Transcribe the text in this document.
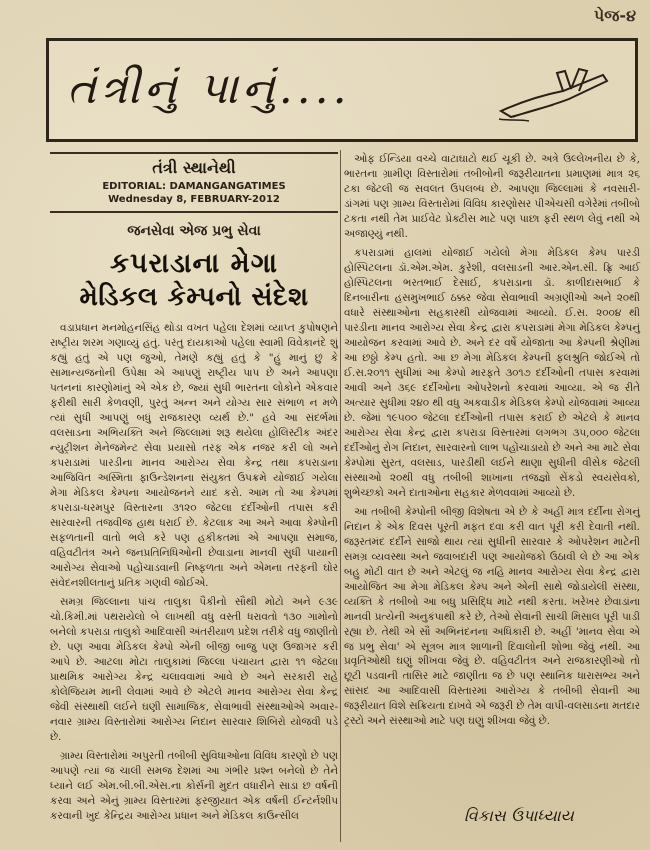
પેજ-૪
તંત્રીનું પાનું....
તંત્રી સ્થાનેથી
EDITORIAL: DAMANGANGATIMES
Wednesday 8, FEBRUARY-2012
જનસેવા એજ પ્રભુ સેવા
કપરાડાના મેગા
મેડિકલ કેમ્પનો સંદેશ

વડાપ્રધાન મનમોહનસિંહ થોડા વખત પહેલા દેશમાં વ્યાપ્ત કુપોષણને રાષ્ટ્રીય શરમ ગણાવ્યું હતું. પરંતુ દાયકાઓ પહેલા સ્વામી વિવેકાનંદે શું કહ્યું હતું એ પણ જુઓ, તેમણે કહ્યું હતું કે "હું માનું છું કે સામાન્યજનોની ઉપેક્ષા એ આપણું રાષ્ટ્રીય પાપ છે અને આપણા પતનનાં કારણોમાંનું એ એક છે, જ્યાં સુધી ભારતના લોકોને એકવાર ફરીથી સારી કેળવણી, પુરતું અન્ન અને યોગ્ય સાર સંભાળ ન મળે ત્યાં સુધી આપણું બધું રાજકારણ વ્યર્થ છે." હવે આ સંદર્ભમાં વલસાડના અભિયક્તિ અને જિલ્લામાં શરૂ થયેલા હોલિસ્ટીક અંદર ન્યુટ્રીશન મેનેજમેન્ટ સેવા પ્રયાસો તરફ એક નજર કરી લો અને કપરાડામાં પારડીના માનવ આરોગ્ય સેવા કેન્દ્ર તથા કપરાડાના આજિવિત અસ્મિતા ફાઉન્ડેશનના સંયુક્ત ઉપક્રમે યોજાઈ ગયેલા મેગા મેડિકલ કેમ્પના આયોજનને યાદ કરો. આમ તો આ કેમ્પમાં કપરાડા-ધરમપુર વિસ્તારના ૩૧૨૦ જેટલા દર્દીઓની તપાસ કરી સારવારની તજવીજ હાથ ધરાઈ છે. કેટલાક આ અને આવા કેમ્પોની સફળતાની વાતો ભલે કરે પણ હકીકતમાં એ આપણા સમાજ, વહિવટીતંત્ર અને જનપ્રતિનિધિઓની છેવાડાના માનવી સુધી પાયાની આરોગ્ય સેવાઓ પહોંચાડવાની નિષ્ફળતા અને એમના તરફની ઘોર સંવેદનશીલતાનું પ્રતિક ગણવી જોઈએ.

સમગ્ર જિલ્લાના પાંચ તાલુકા પૈકીનો સૌથી મોટો અને ૯૩૯ ચો.કિમી.માં પથરાયેલો બે લાખથી વધુ વસ્તી ધરાવતો ૧૩૦ ગામોનો બનેલો કપરાડા તાલુકો આદિવાસી અંતરીયાળ પ્રદેશ તરીકે વધુ જાણીતો છે. પણ આવા મેડિકલ કેમ્પો એની બીજી બાજુ પણ ઉજાગર કરી આપે છે. આટલા મોટા તાલુકામાં જિલ્લા પંચાયત દ્વારા ૧૧ જેટલા પ્રાથમિક આરોગ્ય કેન્દ્ર ચલાવવામાં આવે છે અને સરકારી રાહે કોલેજિયમ માની લેવામાં આવે છે એટલે માનવ આરોગ્ય સેવા કેન્દ્ર જેવી સંસ્થાથી લઈને ઘણી સામાજિક, સેવાભાવી સંસ્થાઓએ અવાર-નવાર ગ્રામ્ય વિસ્તારોમાં આરોગ્ય નિદાન સારવાર શિબિરો યોજવી પડે છે.

ગ્રામ્ય વિસ્તારોમાં અપુરતી તબીબી સુવિધાઓના વિવિધ કારણો છે પણ આપણે ત્યાં જ ચાલી સમજ દેશમાં આ ગંભીર પ્રશ્ન બનેલો છે તેને ધ્યાને લઈ એમ.બી.બી.એસ.ના કોર્સની મુદત વધારીને સાડા છ વર્ષની કરવા અને એનું ગ્રામ્ય વિસ્તારમાં ફરજીયાત એક વર્ષની ઈન્ટર્નશીપ કરવાની ખુદ કેન્દ્રિય આરોગ્ય પ્રધાન અને મેડિકલ કાઉન્સીલ

ઓફ ઈન્ડિયા વચ્ચે વાટાઘાટો થઈ ચૂકી છે. અત્રે ઉલ્લેખનીય છે કે, ભારતના ગ્રામીણ વિસ્તારોમાં તબીબોની જરૂરીયાતના પ્રમાણમાં માત્ર ૨૬ ટકા જેટલી જ સવલત ઉપલબ્ધ છે. આપણા જિલ્લામાં કે નવસારી-ડાંગમાં પણ ગ્રામ્ય વિસ્તારોમાં વિવિધ કારણોસર પીએચસી વગેરેમાં તબીબો ટકતા નથી તેમ પ્રાઈવેટ પ્રેક્ટીસ માટે પણ પાછા ફરી સ્થળ લેવું નથી એ અજાણ્યું નથી.

કપરાડામાં હાલમાં યોજાઈ ગયેલો મેગા મેડિકલ કેમ્પ પારડી હોસ્પિટલના ડૉ.એમ.એમ. કુરેશી, વલસાડની આર.એન.સી. ફ્રિ આઈ હોસ્પિટલના ભરતભાઈ દેસાઈ, કપરાડાના ડૉ. કાળીદાસભાઈ કે દિનબારીના હસમુખભાઈ ઠક્કર જેવા સેવાભાવી અગ્રણીઓ અને ૨૦થી વધારે સંસ્થાઓના સહકારથી યોજવામાં આવ્યો. ઈ.સ. ૨૦૦૪ થી પારડીના માનવ આરોગ્ય સેવા કેન્દ્ર દ્વારા કપરાડામાં મેગા મેડિકલ કેમ્પનું આયોજન કરવામાં આવે છે. અને દર વર્ષે યોજાતા આ કેમ્પની શ્રેણીમાં આ છઠ્ઠો કેમ્પ હતો. આ છ મેગા મેડિકલ કેમ્પની ફલશ્રુતિ જોઈએ તો ઈ.સ.૨૦૧૧ સુધીમાં આ કેમ્પો મારફતે ૩૦૧૭ દર્દીઓની તપાસ કરવામાં આવી અને ૩૬૯ દર્દીઓના ઓપરેશનો કરવામાં આવ્યા. એ જ રીતે અત્યાર સુધીમાં ૨૪૦ થી વધુ અકવાડીક મેડિકલ કેમ્પો યોજવામાં આવ્યા છે. જેમાં ૧૯૫૦૦ જેટલા દર્દીઓની તપાસ કરાઈ છે એટલે કે માનવ આરોગ્ય સેવા કેન્દ્ર દ્વારા કપરાડા વિસ્તારમાં લગભગ ૩૫,૦૦૦ જેટલા દર્દીઓનું રોગ નિદાન, સારવારનો લાભ પહોંચાડાયો છે અને આ માટે સેવા કેમ્પોમાં સુરત, વલસાડ, પારડીથી લઈને થાણા સુધીની વીસેક જેટલી સંસ્થાઓ ૨૦થી વધુ તબીબી શાખાના તજજ્ઞો સેંકડો સ્વયંસેવકો, શુભેચ્છકો અને દાતાઓના સહકાર મેળવવામાં આવ્યો છે.

આ તબીબી કેમ્પોની બીજી વિશેષતા એ છે કે અહીં માત્ર દર્દીના રોગનું નિદાન કે એક દિવસ પૂરતી મફત દવા કરી વાત પૂરી કરી દેવાતી નથી. જરૂરતમંદ દર્દીને સાજો થાય ત્યાં સુધીની સારવાર કે ઓપરેશન માટેની સમગ્ર વ્યવસ્થા અને જવાબદારી પણ આયોજકો ઉઠાવી લે છે આ એક બહુ મોટી વાત છે અને એટલું જ નહિ માનવ આરોગ્ય સેવા કેન્દ્ર દ્વારા આયોજિત આ મેગા મેડિકલ કેમ્પ અને એની સાથે જોડાયેલી સંસ્થા, વ્યક્તિ કે તબીબો આ બધુ પ્રસિદ્ધિ માટે નથી કરતા. ખરેખર છેવાડાંના માનવી પ્રત્યેની અનુકંપાથી કરે છે, તેઓ સેવાની સાચી મિસાલ પૂરી પાડી રહ્યા છે. તેથી એ સૌ અભિનંદનના અધિકારી છે. અહીં 'માનવ સેવા એ જ પ્રભુ સેવા' એ સૂત્રબ માત્ર શાળાની દિવાલોની શોભા જેવું નથી. આ પ્રવૃતિઓથી ઘણું શીખવા જેવું છે. વહિવટીતંત્ર અને રાજકારણીઓ તો છૂટી પડવાની તાસિર માટે જાણીતા જ છે પણ સ્થાનિક ધારાસભ્ય અને સાંસદ આ આદિવાસી વિસ્તારમાં આરોગ્ય કે તબીબી સેવાની આ જરૂરીયાત વિશે સક્રિયતા દાખવે એ જરૂરી છે તેમ વાપી-વલસાડના મતદાર ટ્રસ્ટો અને સંસ્થાઓ માટે પણ ઘણું શીખવા જેવું છે.

વિકાસ ઉપાધ્યાય
